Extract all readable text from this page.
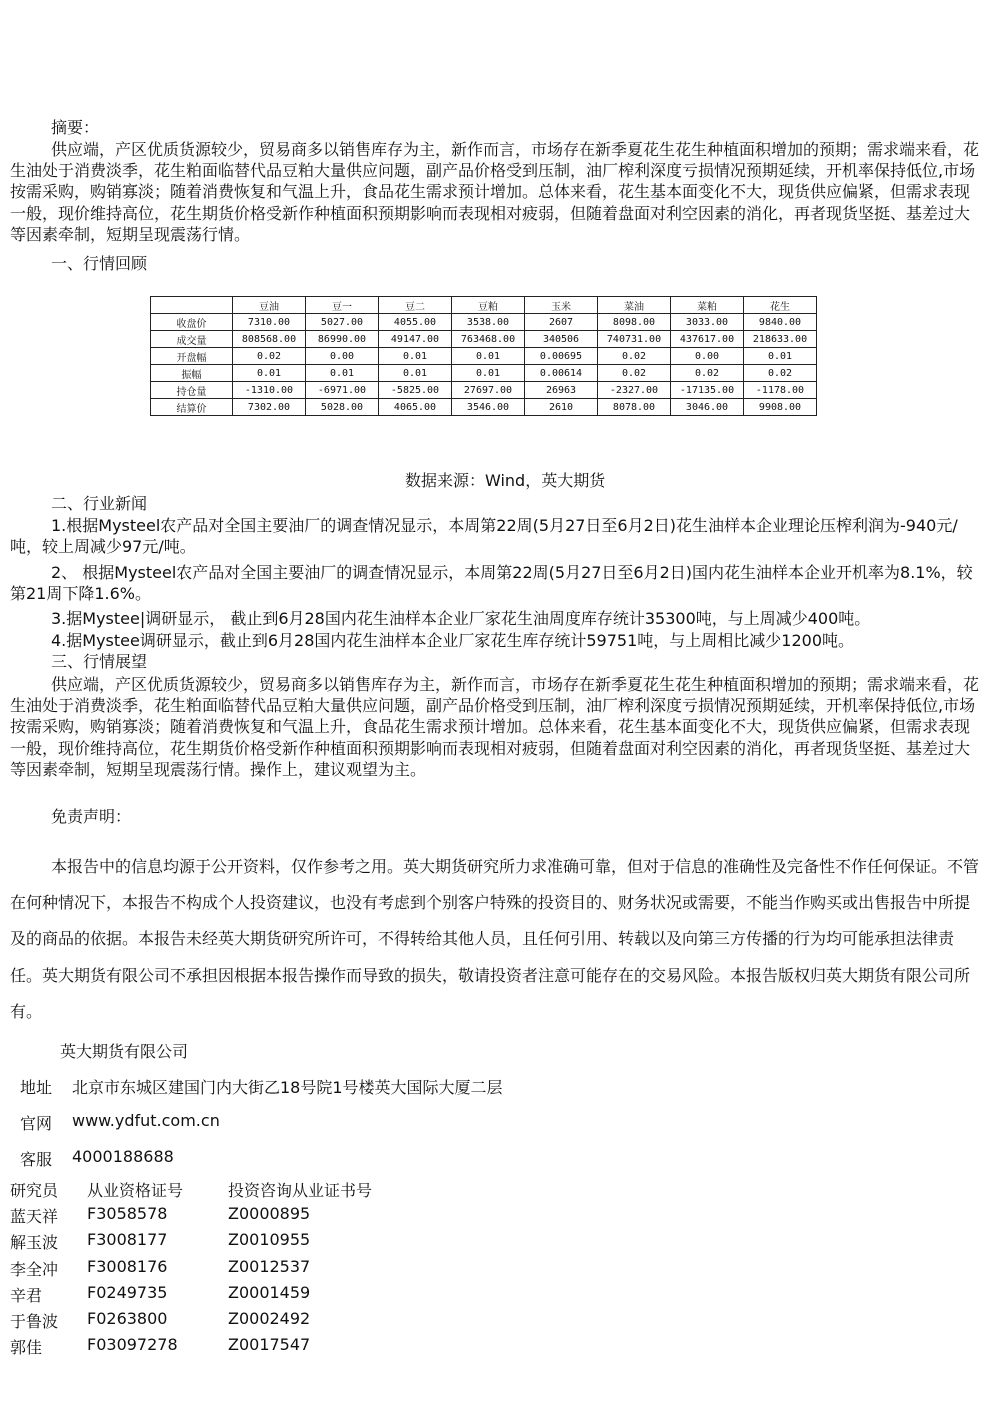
摘要：
供应端，产区优质货源较少，贸易商多以销售库存为主，新作而言，市场存在新季夏花生花生种植面积增加的预期；需求端来看，花生油处于消费淡季，花生粕面临替代品豆粕大量供应问题，副产品价格受到压制，油厂榨利深度亏损情况预期延续，开机率保持低位,市场按需采购，购销寡淡；随着消费恢复和气温上升，食品花生需求预计增加。总体来看，花生基本面变化不大，现货供应偏紧，但需求表现一般，现价维持高位，花生期货价格受新作种植面积预期影响而表现相对疲弱，但随着盘面对利空因素的消化，再者现货坚挺、基差过大等因素牵制，短期呈现震荡行情。
一、行情回顾
	豆油	豆一	豆二	豆粕	玉米	菜油	菜粕	花生
收盘价	7310.00	5027.00	4055.00	3538.00	2607	8098.00	3033.00	9840.00
成交量	808568.00	86990.00	49147.00	763468.00	340506	740731.00	437617.00	218633.00
开盘幅	0.02	0.00	0.01	0.01	0.00695	0.02	0.00	0.01
振幅	0.01	0.01	0.01	0.01	0.00614	0.02	0.02	0.02
持仓量	-1310.00	-6971.00	-5825.00	27697.00	26963	-2327.00	-17135.00	-1178.00
结算价	7302.00	5028.00	4065.00	3546.00	2610	8078.00	3046.00	9908.00
数据来源：Wind，英大期货
二、行业新闻
1.根据Mysteel农产品对全国主要油厂的调查情况显示，本周第22周(5月27日至6月2日)花生油样本企业理论压榨利润为-940元/吨，较上周减少97元/吨。
2、 根据Mysteel农产品对全国主要油厂的调查情况显示，本周第22周(5月27日至6月2日)国内花生油样本企业开机率为8.1%，较第21周下降1.6%。
3.据Mystee|调研显示， 截止到6月28国内花生油样本企业厂家花生油周度库存统计35300吨，与上周减少400吨。
4.据Mystee调研显示，截止到6月28国内花生油样本企业厂家花生库存统计59751吨，与上周相比减少1200吨。
三、行情展望
供应端，产区优质货源较少，贸易商多以销售库存为主，新作而言，市场存在新季夏花生花生种植面积增加的预期；需求端来看，花生油处于消费淡季，花生粕面临替代品豆粕大量供应问题，副产品价格受到压制，油厂榨利深度亏损情况预期延续，开机率保持低位,市场按需采购，购销寡淡；随着消费恢复和气温上升，食品花生需求预计增加。总体来看，花生基本面变化不大，现货供应偏紧，但需求表现一般，现价维持高位，花生期货价格受新作种植面积预期影响而表现相对疲弱，但随着盘面对利空因素的消化，再者现货坚挺、基差过大等因素牵制，短期呈现震荡行情。操作上，建议观望为主。
免责声明：
本报告中的信息均源于公开资料，仅作参考之用。英大期货研究所力求准确可靠，但对于信息的准确性及完备性不作任何保证。不管在何种情况下，本报告不构成个人投资建议，也没有考虑到个别客户特殊的投资目的、财务状况或需要，不能当作购买或出售报告中所提及的商品的依据。本报告未经英大期货研究所许可，不得转给其他人员，且任何引用、转载以及向第三方传播的行为均可能承担法律责任。英大期货有限公司不承担因根据本报告操作而导致的损失，敬请投资者注意可能存在的交易风险。本报告版权归英大期货有限公司所有。
英大期货有限公司
地址 北京市东城区建国门内大街乙18号院1号楼英大国际大厦二层
官网 www.ydfut.com.cn
客服 4000188688
研究员 从业资格证号	投资咨询从业证书号
蓝天祥 F3058578	Z0000895
解玉波 F3008177	Z0010955
李全冲 F3008176	Z0012537
辛君	F0249735	Z0001459
于鲁波 F0263800	Z0002492
郭佳	F03097278	Z0017547
